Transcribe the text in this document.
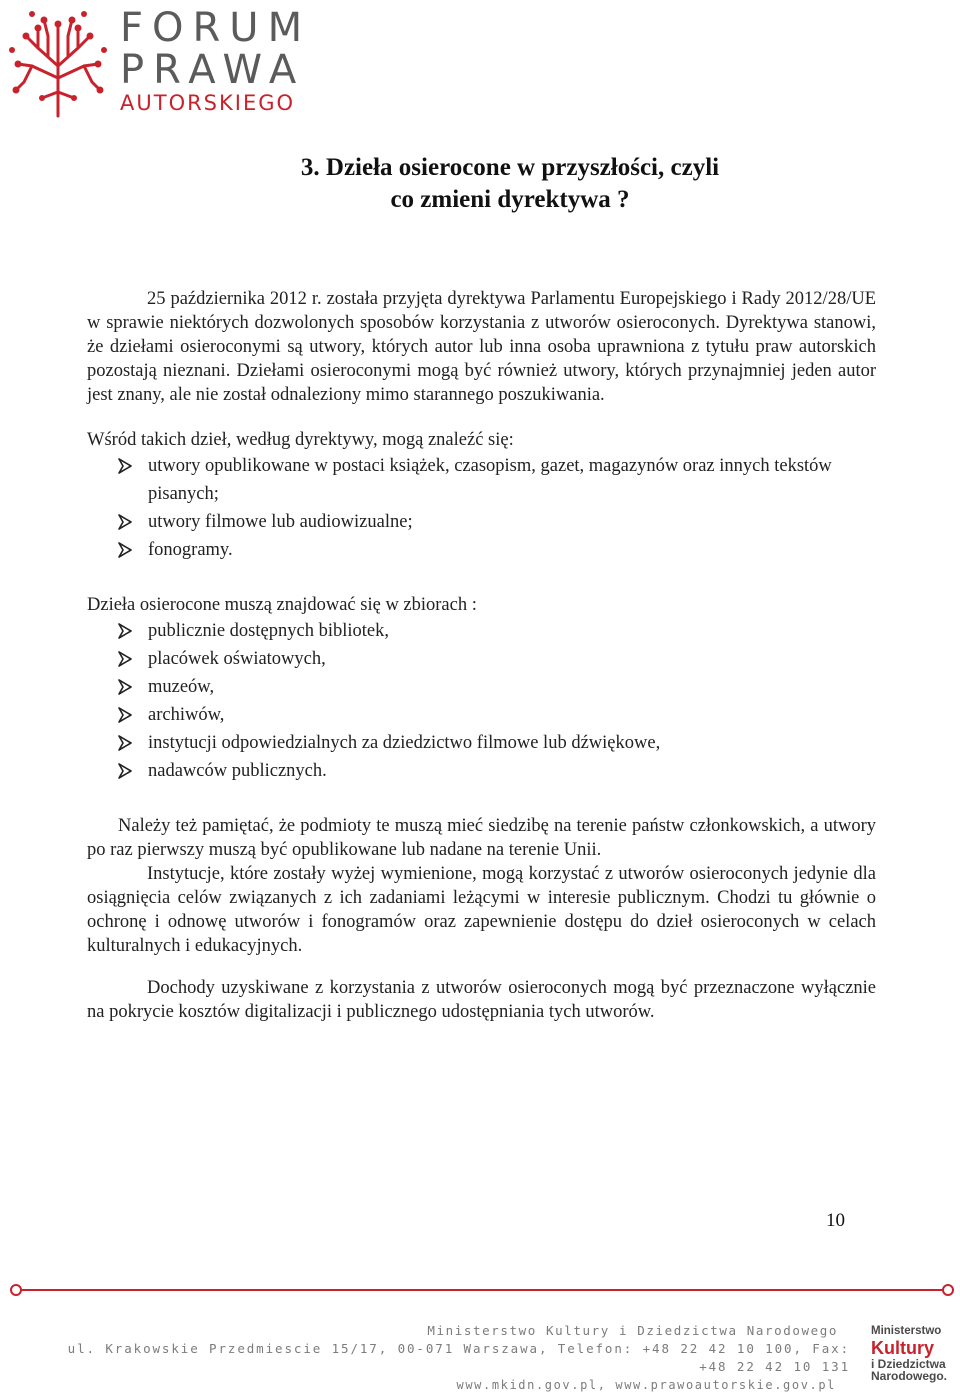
FORUM
PRAWA
AUTORSKIEGO
3. Dzieła osierocone w przyszłości, czyli
co zmieni dyrektywa ?

25 października 2012 r. została przyjęta dyrektywa Parlamentu Europejskiego i Rady 2012/28/UE w sprawie niektórych dozwolonych sposobów korzystania z utworów osieroconych. Dyrektywa stanowi, że dziełami osieroconymi są utwory, których autor lub inna osoba uprawniona z tytułu praw autorskich pozostają nieznani. Dziełami osieroconymi mogą być również utwory, których przynajmniej jeden autor jest znany, ale nie został odnaleziony mimo starannego poszukiwania.

Wśród takich dzieł, według dyrektywy, mogą znaleźć się:

utwory opublikowane w postaci książek, czasopism, gazet, magazynów oraz innych tekstów pisanych;
utwory filmowe lub audiowizualne;
fonogramy.

Dzieła osierocone muszą znajdować się w zbiorach :

publicznie dostępnych bibliotek,
placówek oświatowych,
muzeów,
archiwów,
instytucji odpowiedzialnych za dziedzictwo filmowe lub dźwiękowe,
nadawców publicznych.

Należy też pamiętać, że podmioty te muszą mieć siedzibę na terenie państw członkowskich, a utwory po raz pierwszy muszą być opublikowane lub nadane na terenie Unii.

Instytucje, które zostały wyżej wymienione, mogą korzystać z utworów osieroconych jedynie dla osiągnięcia celów związanych z ich zadaniami leżącymi w interesie publicznym. Chodzi tu głównie o ochronę i odnowę utworów i fonogramów oraz zapewnienie dostępu do dzieł osieroconych w celach kulturalnych i edukacyjnych.

Dochody uzyskiwane z korzystania z utworów osieroconych mogą być przeznaczone wyłącznie na pokrycie kosztów digitalizacji i publicznego udostępniania tych utworów.

10
Ministerstwo Kultury i Dziedzictwa Narodowego
ul. Krakowskie Przedmiescie 15/17, 00-071 Warszawa, Telefon: +48 22 42 10 100, Fax: +48 22 42 10 131
www.mkidn.gov.pl, www.prawoautorskie.gov.pl
Ministerstwo
Kultury
i Dziedzictwa
Narodowego.
